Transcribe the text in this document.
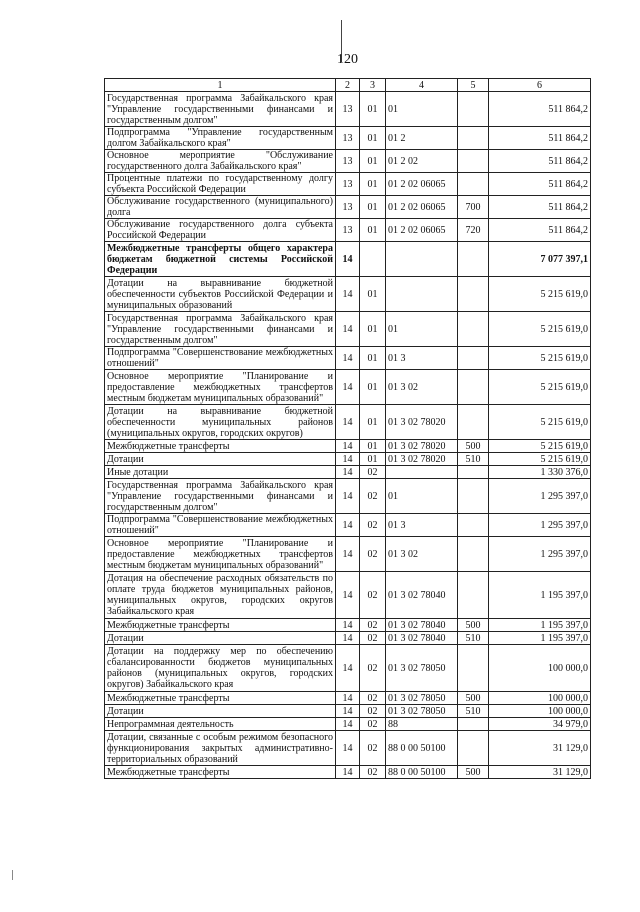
120
1	2	3	4	5	6
Государственная программа Забайкальского края "Управление государственными финансами и государственным долгом"	13	01	01		511 864,2
Подпрограмма "Управление государственным долгом Забайкальского края"	13	01	01 2		511 864,2
Основное мероприятие "Обслуживание государственного долга Забайкальского края"	13	01	01 2 02		511 864,2
Процентные платежи по государственному долгу субъекта Российской Федерации	13	01	01 2 02 06065		511 864,2
Обслуживание государственного (муниципального) долга	13	01	01 2 02 06065	700	511 864,2
Обслуживание государственного долга субъекта Российской Федерации	13	01	01 2 02 06065	720	511 864,2
Межбюджетные трансферты общего характера бюджетам бюджетной системы Российской Федерации	14				7 077 397,1
Дотации на выравнивание бюджетной обеспеченности субъектов Российской Федерации и муниципальных образований	14	01			5 215 619,0
Государственная программа Забайкальского края "Управление государственными финансами и государственным долгом"	14	01	01		5 215 619,0
Подпрограмма "Совершенствование межбюджетных отношений"	14	01	01 3		5 215 619,0
Основное мероприятие "Планирование и предоставление межбюджетных трансфертов местным бюджетам муниципальных образований"	14	01	01 3 02		5 215 619,0
Дотации на выравнивание бюджетной обеспеченности муниципальных районов (муниципальных округов, городских округов)	14	01	01 3 02 78020		5 215 619,0
Межбюджетные трансферты	14	01	01 3 02 78020	500	5 215 619,0
Дотации	14	01	01 3 02 78020	510	5 215 619,0
Иные дотации	14	02			1 330 376,0
Государственная программа Забайкальского края "Управление государственными финансами и государственным долгом"	14	02	01		1 295 397,0
Подпрограмма "Совершенствование межбюджетных отношений"	14	02	01 3		1 295 397,0
Основное мероприятие "Планирование и предоставление межбюджетных трансфертов местным бюджетам муниципальных образований"	14	02	01 3 02		1 295 397,0
Дотация на обеспечение расходных обязательств по оплате труда бюджетов муниципальных районов, муниципальных округов, городских округов Забайкальского края	14	02	01 3 02 78040		1 195 397,0
Межбюджетные трансферты	14	02	01 3 02 78040	500	1 195 397,0
Дотации	14	02	01 3 02 78040	510	1 195 397,0
Дотации на поддержку мер по обеспечению сбалансированности бюджетов муниципальных районов (муниципальных округов, городских округов) Забайкальского края	14	02	01 3 02 78050		100 000,0
Межбюджетные трансферты	14	02	01 3 02 78050	500	100 000,0
Дотации	14	02	01 3 02 78050	510	100 000,0
Непрограммная деятельность	14	02	88		34 979,0
Дотации, связанные с особым режимом безопасного функционирования закрытых административно-территориальных образований	14	02	88 0 00 50100		31 129,0
Межбюджетные трансферты	14	02	88 0 00 50100	500	31 129,0
